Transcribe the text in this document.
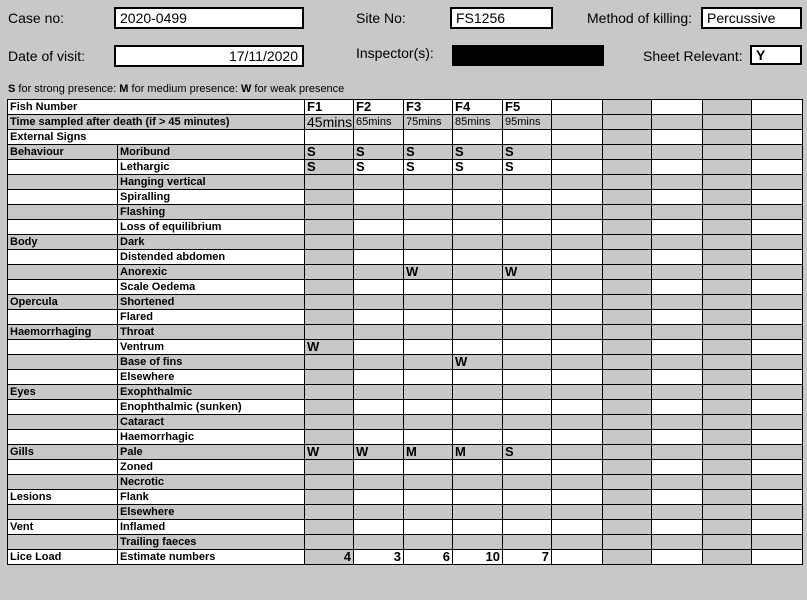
Case no:	2020-0499	Site No:	FS1256	Method of killing:	Percussive
Date of visit:	17/11/2020	Inspector(s):	Sheet Relevant: Y
S for strong presence: M for medium presence: W for weak presence
Fish Number		F1	F2	F3	F4	F5					
Time sampled after death (if > 45 minutes)		45mins	65mins	75mins	85mins	95mins					
External Signs											
Behaviour	Moribund	S	S	S	S	S					
	Lethargic	S	S	S	S	S					
	Hanging vertical										
	Spiralling										
	Flashing										
	Loss of equilibrium										
Body	Dark										
	Distended abdomen										
	Anorexic			W		W					
	Scale Oedema										
Opercula	Shortened										
	Flared										
Haemorrhaging	Throat										
	Ventrum	W									
	Base of fins				W						
	Elsewhere										
Eyes	Exophthalmic										
	Enophthalmic (sunken)										
	Cataract										
	Haemorrhagic										
Gills	Pale	W	W	M	M	S					
	Zoned										
	Necrotic										
Lesions	Flank										
	Elsewhere										
Vent	Inflamed										
	Trailing faeces										
Lice Load	Estimate numbers	4	3	6	10	7					
